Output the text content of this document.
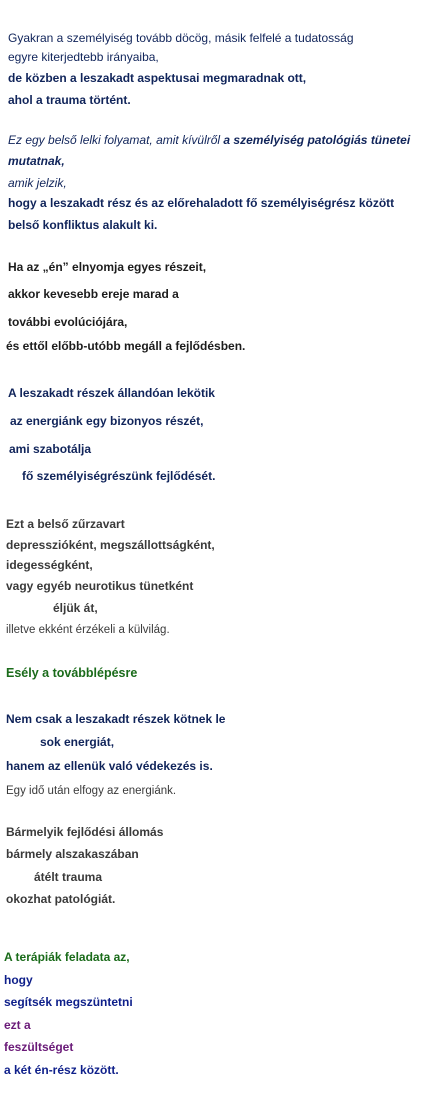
Gyakran a személyiség tovább döcög, másik felfelé a tudatosság
egyre kiterjedtebb irányaiba,
de közben a leszakadt aspektusai megmaradnak ott,
ahol a trauma történt.
Ez egy belső lelki folyamat, amit kívülről a személyiség patológiás tünetei
mutatnak,
amik jelzik,
hogy a leszakadt rész és az előrehaladott fő személyiségrész között
belső konfliktus alakult ki.
Ha az „én” elnyomja egyes részeit,
akkor kevesebb ereje marad a
további evolúciójára,
és ettől előbb-utóbb megáll a fejlődésben.
A leszakadt részek állandóan lekötik
az energiánk egy bizonyos részét,
ami szabotálja
fő személyiségrészünk fejlődését.
Ezt a belső zűrzavart
depresszióként, megszállottságként,
idegességként,
vagy egyéb neurotikus tünetként
éljük át,
illetve ekként érzékeli a külvilág.
Esély a továbblépésre
Nem csak a leszakadt részek kötnek le
sok energiát,
hanem az ellenük való védekezés is.
Egy idő után elfogy az energiánk.
Bármelyik fejlődési állomás
bármely alszakaszában
átélt trauma
okozhat patológiát.
A terápiák feladata az,
hogy
segítsék megszüntetni
ezt a
feszültséget
a két én-rész között.
